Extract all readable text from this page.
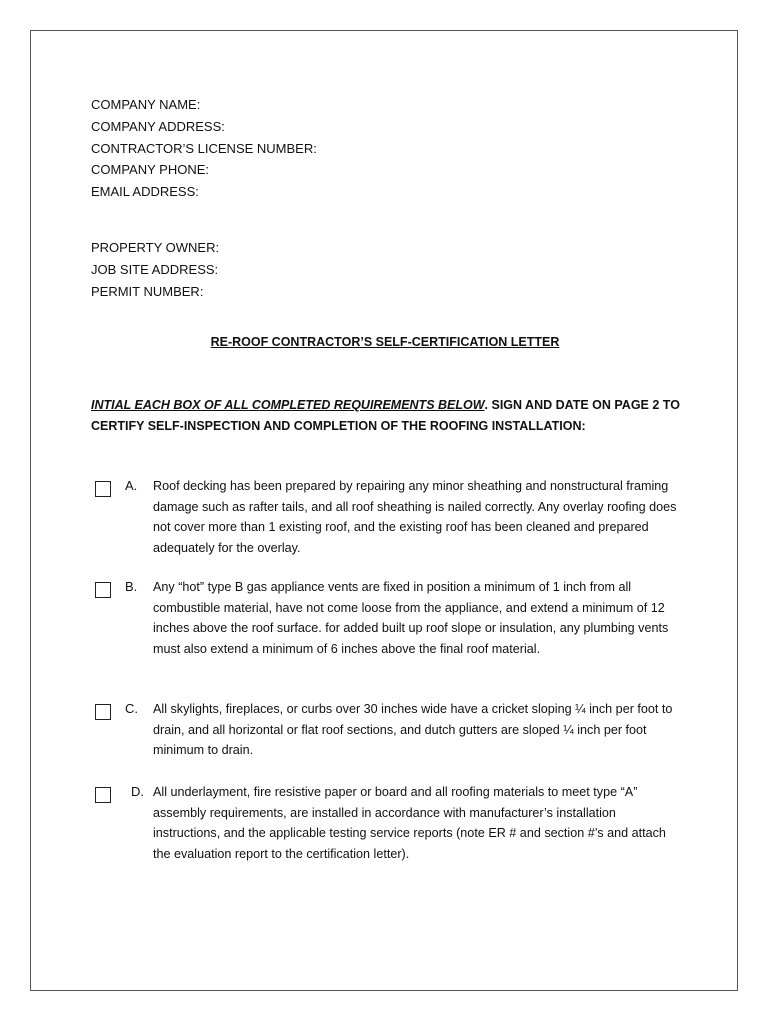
COMPANY NAME:
COMPANY ADDRESS:
CONTRACTOR’S LICENSE NUMBER:
COMPANY PHONE:
EMAIL ADDRESS:
PROPERTY OWNER:
JOB SITE ADDRESS:
PERMIT NUMBER:
RE-ROOF CONTRACTOR’S SELF-CERTIFICATION LETTER
INTIAL EACH BOX OF ALL COMPLETED REQUIREMENTS BELOW. SIGN AND DATE ON PAGE 2 TO CERTIFY SELF-INSPECTION AND COMPLETION OF THE ROOFING INSTALLATION:
A. Roof decking has been prepared by repairing any minor sheathing and nonstructural framing damage such as rafter tails, and all roof sheathing is nailed correctly. Any overlay roofing does not cover more than 1 existing roof, and the existing roof has been cleaned and prepared adequately for the overlay.
B. Any “hot” type B gas appliance vents are fixed in position a minimum of 1 inch from all combustible material, have not come loose from the appliance, and extend a minimum of 12 inches above the roof surface. for added built up roof slope or insulation, any plumbing vents must also extend a minimum of 6 inches above the final roof material.
C. All skylights, fireplaces, or curbs over 30 inches wide have a cricket sloping ¼ inch per foot to drain, and all horizontal or flat roof sections, and dutch gutters are sloped ¼ inch per foot minimum to drain.
D. All underlayment, fire resistive paper or board and all roofing materials to meet type “A” assembly requirements, are installed in accordance with manufacturer’s installation instructions, and the applicable testing service reports (note ER # and section #’s and attach the evaluation report to the certification letter).
